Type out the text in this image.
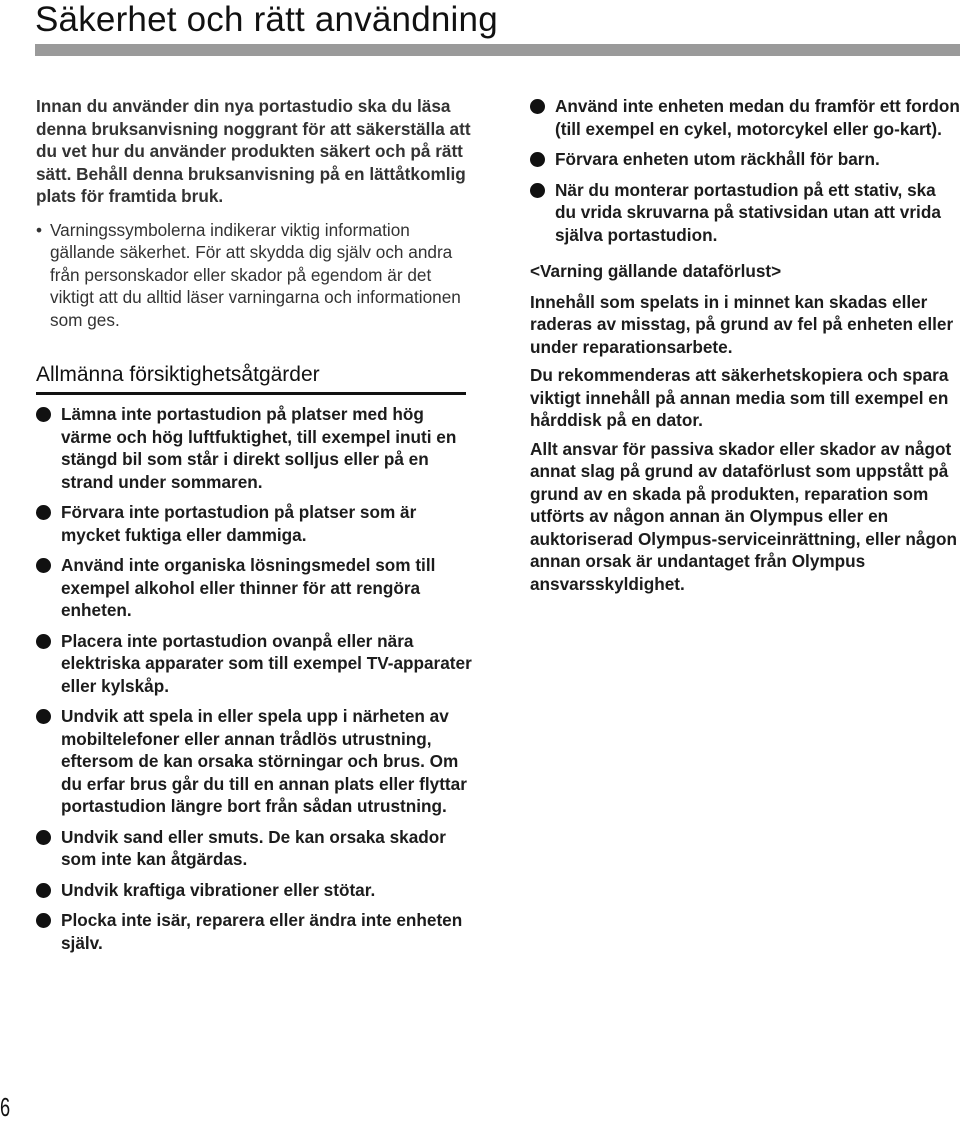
Säkerhet och rätt användning

Innan du använder din nya portastudio ska du läsa denna bruksanvisning noggrant för att säkerställa att du vet hur du använder produkten säkert och på rätt sätt. Behåll denna bruksanvisning på en lättåtkomlig plats för framtida bruk.

• Varningssymbolerna indikerar viktig information gällande säkerhet. För att skydda dig själv och andra från personskador eller skador på egendom är det viktigt att du alltid läser varningarna och informationen som ges.
Allmänna försiktighetsåtgärder
Lämna inte portastudion på platser med hög värme och hög luftfuktighet, till exempel inuti en stängd bil som står i direkt solljus eller på en strand under sommaren.
Förvara inte portastudion på platser som är mycket fuktiga eller dammiga.
Använd inte organiska lösningsmedel som till exempel alkohol eller thinner för att rengöra enheten.
Placera inte portastudion ovanpå eller nära elektriska apparater som till exempel TV-apparater eller kylskåp.
Undvik att spela in eller spela upp i närheten av mobiltelefoner eller annan trådlös utrustning, eftersom de kan orsaka störningar och brus. Om du erfar brus går du till en annan plats eller flyttar portastudion längre bort från sådan utrustning.
Undvik sand eller smuts. De kan orsaka skador som inte kan åtgärdas.
Undvik kraftiga vibrationer eller stötar.
Plocka inte isär, reparera eller ändra inte enheten själv.
Använd inte enheten medan du framför ett fordon (till exempel en cykel, motorcykel eller go-kart).
Förvara enheten utom räckhåll för barn.
När du monterar portastudion på ett stativ, ska du vrida skruvarna på stativsidan utan att vrida själva portastudion.

<Varning gällande dataförlust>

Innehåll som spelats in i minnet kan skadas eller raderas av misstag, på grund av fel på enheten eller under reparationsarbete.

Du rekommenderas att säkerhetskopiera och spara viktigt innehåll på annan media som till exempel en hårddisk på en dator.

Allt ansvar för passiva skador eller skador av något annat slag på grund av dataförlust som uppstått på grund av en skada på produkten, reparation som utförts av någon annan än Olympus eller en auktoriserad Olympus-serviceinrättning, eller någon annan orsak är undantaget från Olympus ansvarsskyldighet.

6
